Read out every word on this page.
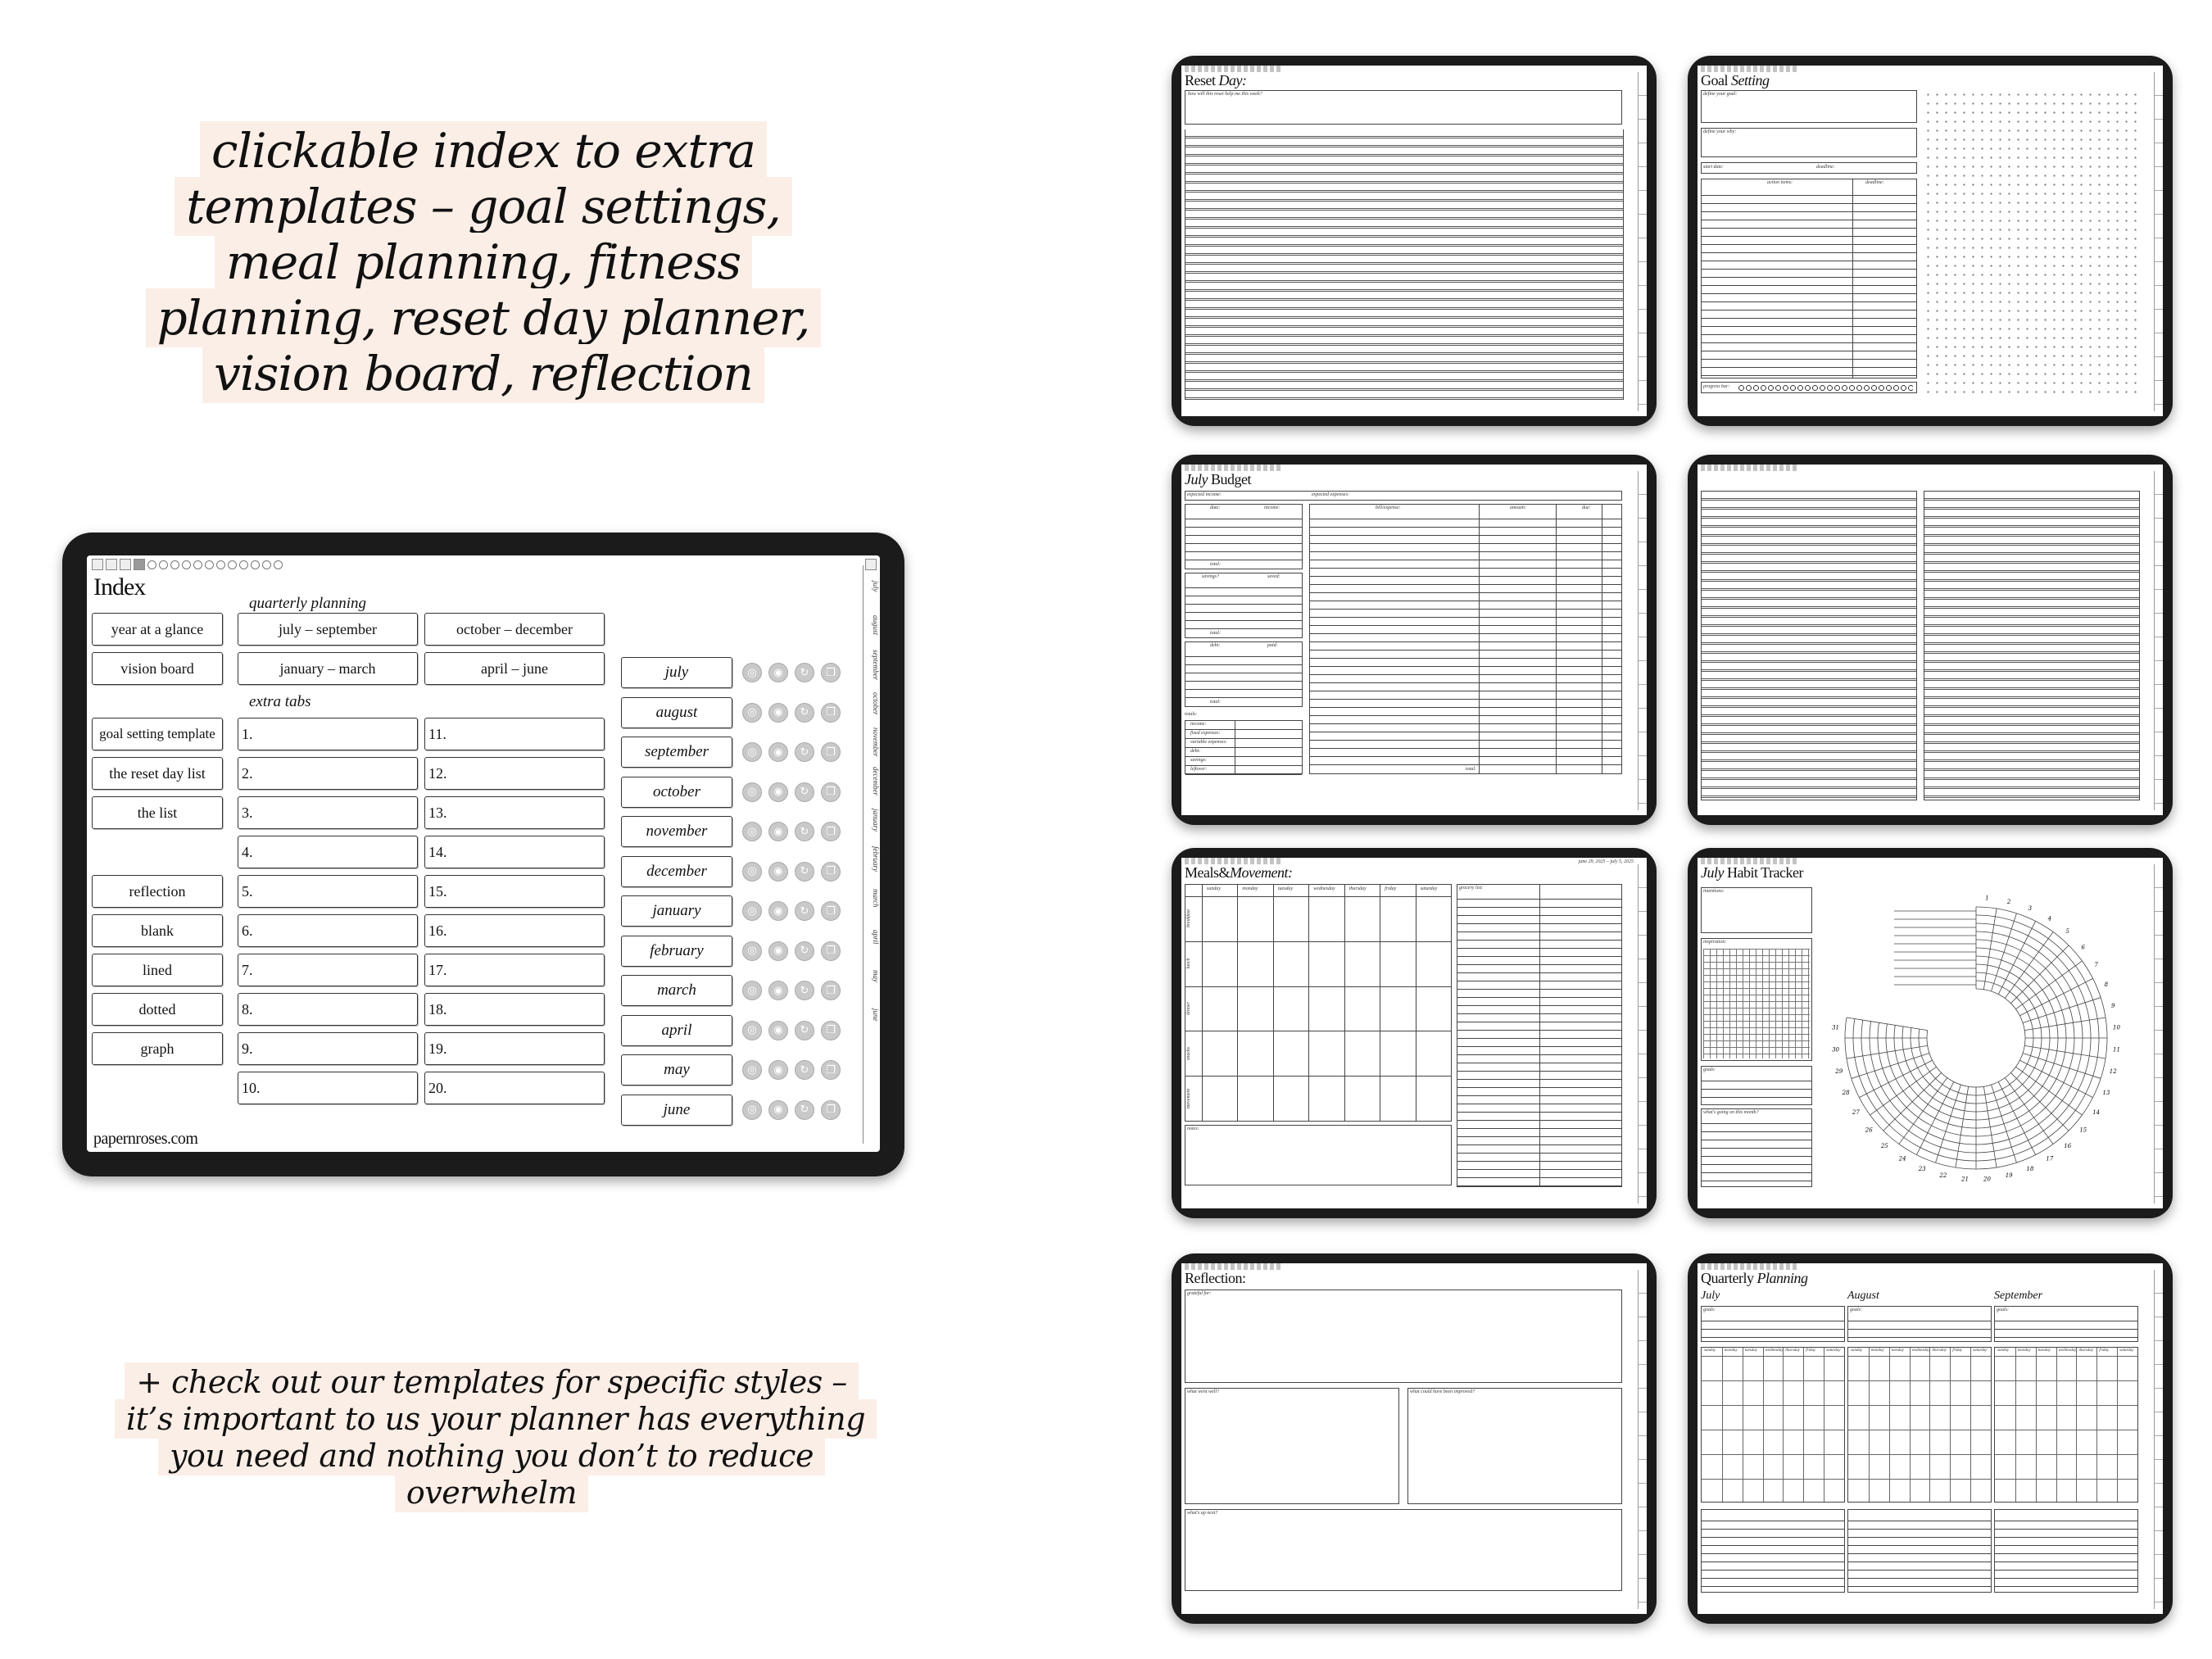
clickable index to extra templates – goal settings, meal planning, fitness planning, reset day planner, vision board, reflection
+ check out our templates for specific styles – it’s important to us your planner has everything you need and nothing you don’t to reduce overwhelm
Index
quarterly planning
extra tabs
year at a glance
vision board
july – september	october – december
january – march	april – june
goal setting template
the reset day list
the list
reflection
blank
lined
dotted
graph
july
august
september
october
november
december
january
february
march
april
may
june
papernroses.com
1.	11.
2.	12.
3.	13.
4.	14.
5.	15.
6.	16.
7.	17.
8.	18.
9.	19.
10.	20.
july	◎	◉	↻	❐
august	◎	◉	↻	❐
september	◎	◉	↻	❐
october	◎	◉	↻	❐
november	◎	◉	↻	❐
december	◎	◉	↻	❐
january	◎	◉	↻	❐
february	◎	◉	↻	❐
march	◎	◉	↻	❐
april	◎	◉	↻	❐
may	◎	◉	↻	❐
june	◎	◉	↻	❐
Reset Day:
how will this reset help me this week?
Goal Setting
define your goal:
define your why:
start date:	deadline:
action items:	deadline:
progress bar:
July Budget
expected income:	expected expenses:
date:	income:
total:
savings?	saved:
total:
debt:	paid:
total:
totals:
income:
fixed expenses:
variable expenses:
debt:
savings:
leftover:
bill/expense:	amount:	due:
total:
june 29, 2025 – july 5, 2025
Meals&Movement:
sunday	monday	tuesday	wednesday	thursday	friday	saturday
breakfast
lunch
dinner
snacks
movement
notes:
grocery list:
July Habit Tracker
intentions:
inspiration:
goals:
what's going on this month?
1
2
3
4
5
6
7
8
9
10
11
12
13
14
15
16
17
18
19
20
21
22
23
24
25
26
27
28
29
30
31
Reflection:
grateful for:
what went well?	what could have been improved?
what's up next?
Quarterly Planning
July
goals:
sunday monday tuesday wednesday thursday friday	saturday
August
goals:
sunday monday tuesday wednesday thursday friday	saturday
September
goals:
sunday monday tuesday wednesday thursday friday	saturday
